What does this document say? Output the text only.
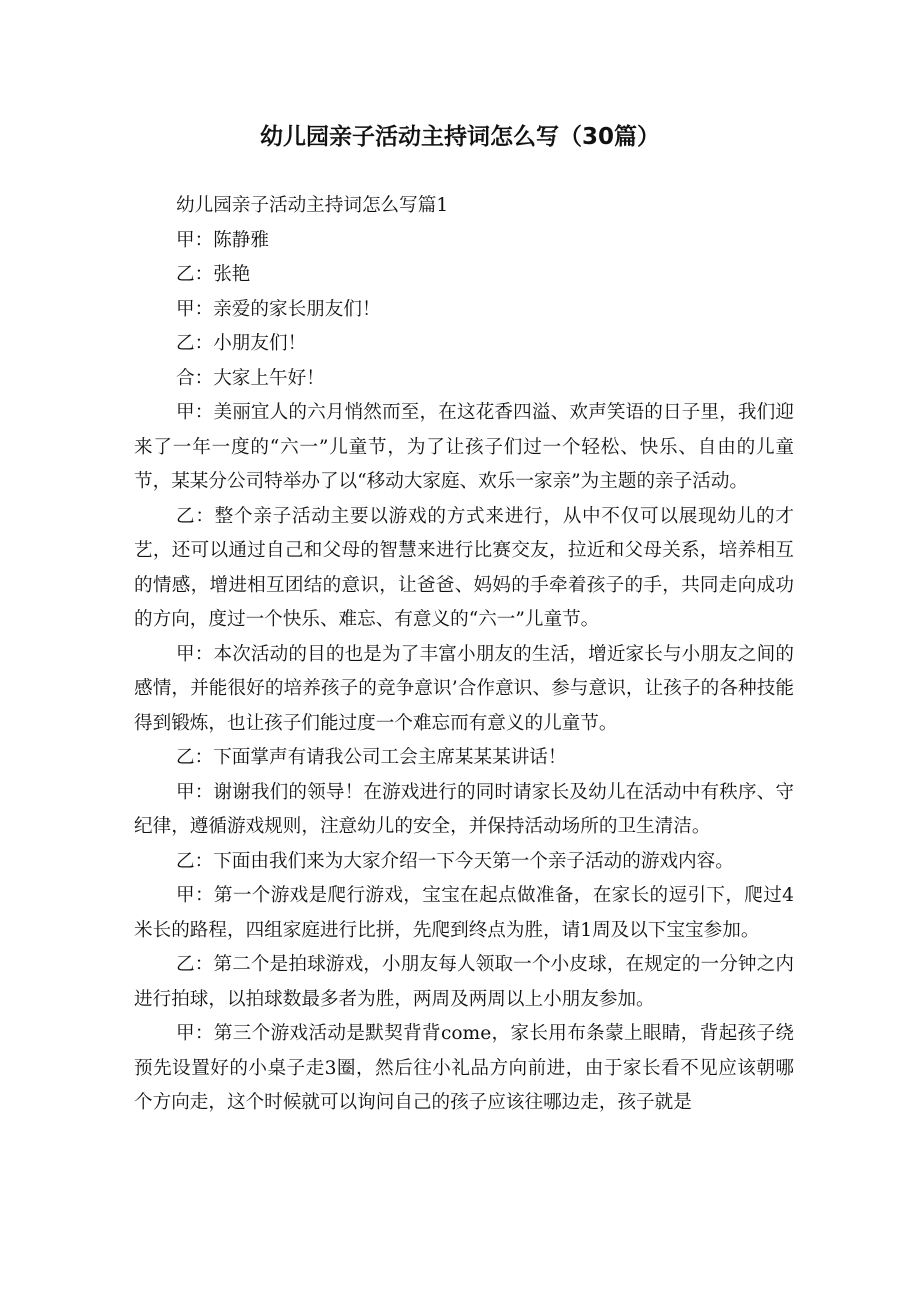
幼儿园亲子活动主持词怎么写（30篇）

幼儿园亲子活动主持词怎么写篇1

甲：陈静雅

乙：张艳

甲：亲爱的家长朋友们！

乙：小朋友们！

合：大家上午好！

甲：美丽宜人的六月悄然而至，在这花香四溢、欢声笑语的日子里，我们迎来了一年一度的“六一”儿童节，为了让孩子们过一个轻松、快乐、自由的儿童节，某某分公司特举办了以“移动大家庭、欢乐一家亲”为主题的亲子活动。

乙：整个亲子活动主要以游戏的方式来进行，从中不仅可以展现幼儿的才艺，还可以通过自己和父母的智慧来进行比赛交友，拉近和父母关系，培养相互的情感，增进相互团结的意识，让爸爸、妈妈的手牵着孩子的手，共同走向成功的方向，度过一个快乐、难忘、有意义的“六一”儿童节。

甲：本次活动的目的也是为了丰富小朋友的生活，增近家长与小朋友之间的感情，并能很好的培养孩子的竞争意识’合作意识、参与意识，让孩子的各种技能得到锻炼，也让孩子们能过度一个难忘而有意义的儿童节。

乙：下面掌声有请我公司工会主席某某某讲话！

甲：谢谢我们的领导！在游戏进行的同时请家长及幼儿在活动中有秩序、守纪律，遵循游戏规则，注意幼儿的安全，并保持活动场所的卫生清洁。

乙：下面由我们来为大家介绍一下今天第一个亲子活动的游戏内容。

甲：第一个游戏是爬行游戏，宝宝在起点做准备，在家长的逗引下，爬过4米长的路程，四组家庭进行比拼，先爬到终点为胜，请1周及以下宝宝参加。

乙：第二个是拍球游戏，小朋友每人领取一个小皮球，在规定的一分钟之内进行拍球，以拍球数最多者为胜，两周及两周以上小朋友参加。

甲：第三个游戏活动是默契背背come，家长用布条蒙上眼睛，背起孩子绕预先设置好的小桌子走3圈，然后往小礼品方向前进，由于家长看不见应该朝哪个方向走，这个时候就可以询问自己的孩子应该往哪边走，孩子就是
